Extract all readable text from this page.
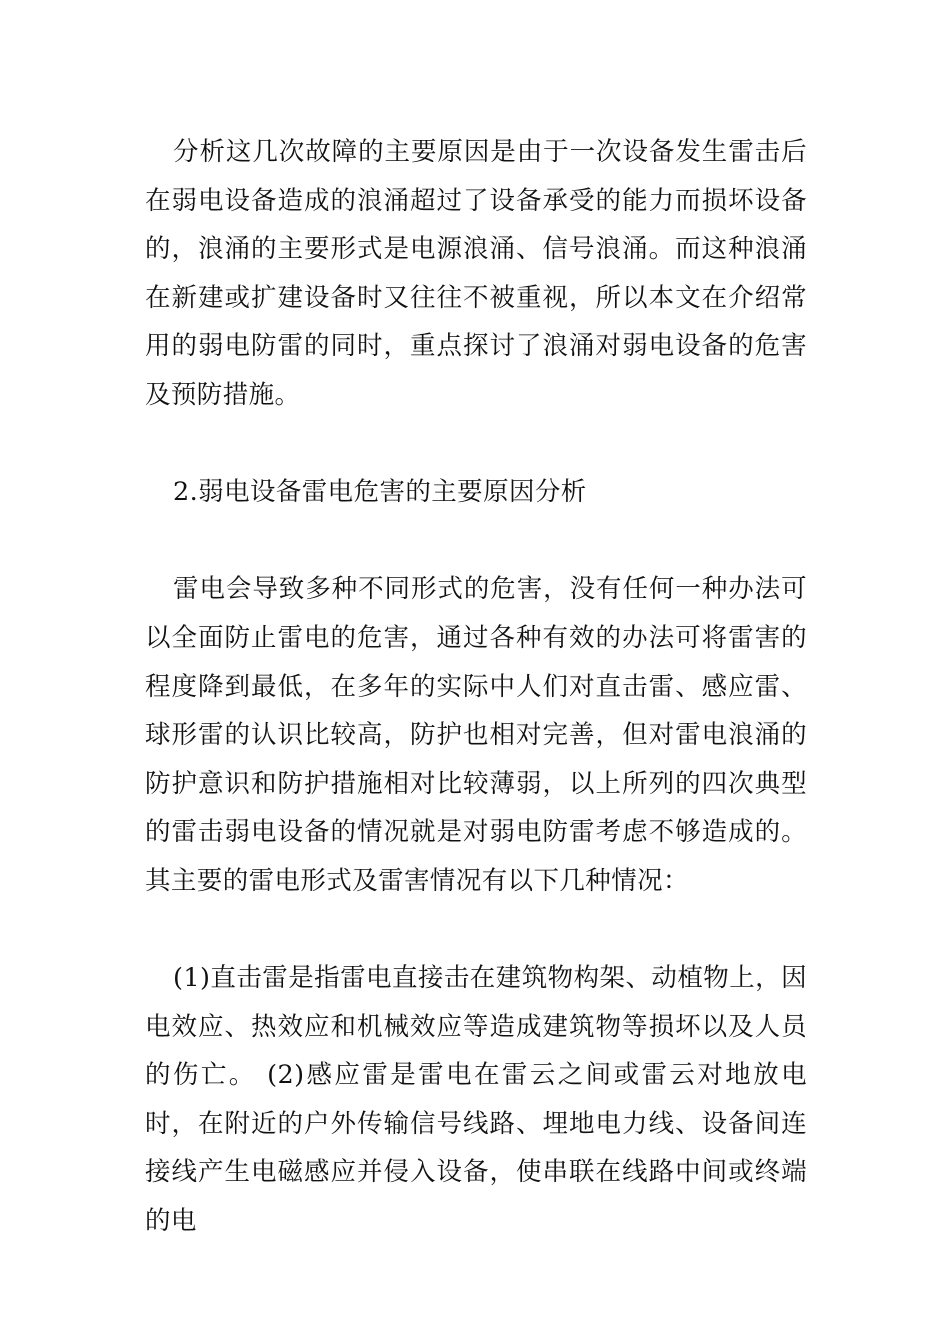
分析这几次故障的主要原因是由于一次设备发生雷击后在弱电设备造成的浪涌超过了设备承受的能力而损坏设备的，浪涌的主要形式是电源浪涌、信号浪涌。而这种浪涌在新建或扩建设备时又往往不被重视，所以本文在介绍常用的弱电防雷的同时，重点探讨了浪涌对弱电设备的危害及预防措施。

2.弱电设备雷电危害的主要原因分析

雷电会导致多种不同形式的危害，没有任何一种办法可以全面防止雷电的危害，通过各种有效的办法可将雷害的程度降到最低，在多年的实际中人们对直击雷、感应雷、球形雷的认识比较高，防护也相对完善，但对雷电浪涌的防护意识和防护措施相对比较薄弱，以上所列的四次典型的雷击弱电设备的情况就是对弱电防雷考虑不够造成的。其主要的雷电形式及雷害情况有以下几种情况：

(1)直击雷是指雷电直接击在建筑物构架、动植物上，因电效应、热效应和机械效应等造成建筑物等损坏以及人员的伤亡。 (2)感应雷是雷电在雷云之间或雷云对地放电时，在附近的户外传输信号线路、埋地电力线、设备间连接线产生电磁感应并侵入设备，使串联在线路中间或终端的电
